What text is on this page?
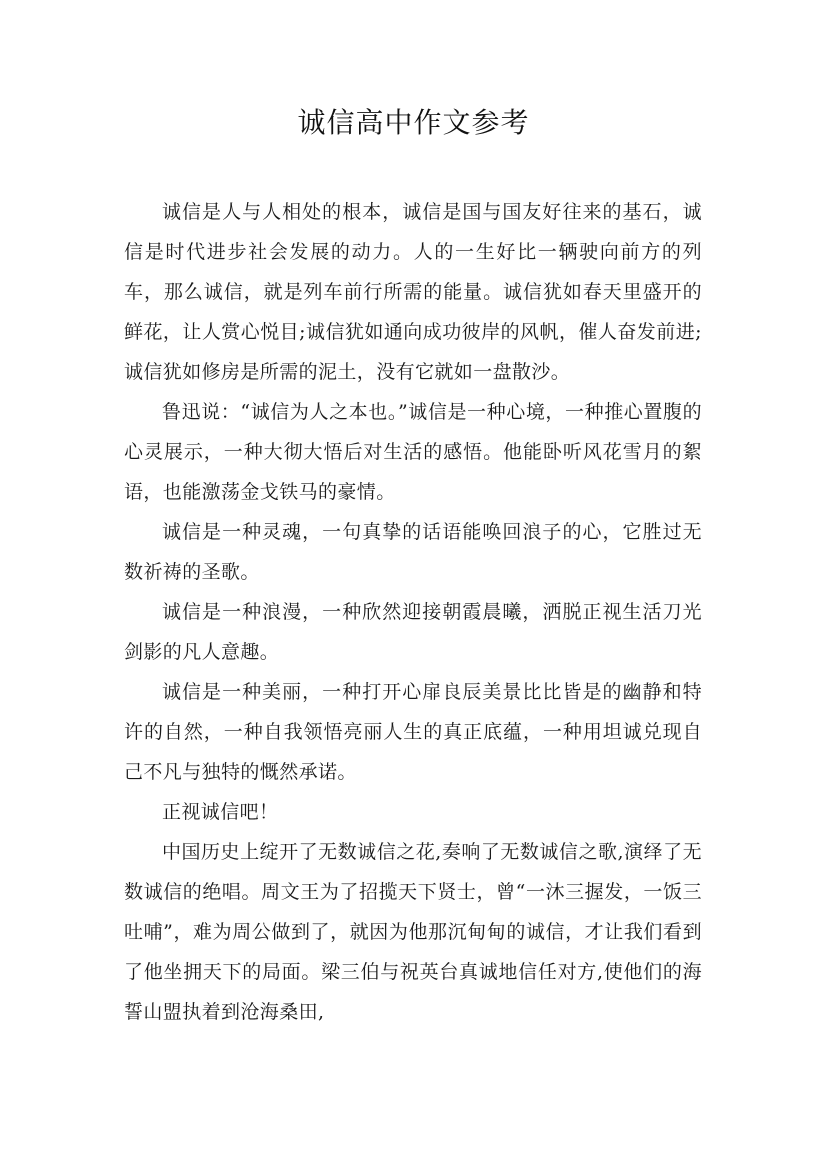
诚信高中作文参考

诚信是人与人相处的根本，诚信是国与国友好往来的基石，诚信是时代进步社会发展的动力。人的一生好比一辆驶向前方的列车，那么诚信，就是列车前行所需的能量。诚信犹如春天里盛开的鲜花，让人赏心悦目;诚信犹如通向成功彼岸的风帆，催人奋发前进;诚信犹如修房是所需的泥土，没有它就如一盘散沙。

鲁迅说：“诚信为人之本也。”诚信是一种心境，一种推心置腹的心灵展示，一种大彻大悟后对生活的感悟。他能卧听风花雪月的絮语，也能激荡金戈铁马的豪情。

诚信是一种灵魂，一句真挚的话语能唤回浪子的心，它胜过无数祈祷的圣歌。

诚信是一种浪漫，一种欣然迎接朝霞晨曦，洒脱正视生活刀光剑影的凡人意趣。

诚信是一种美丽，一种打开心扉良辰美景比比皆是的幽静和特许的自然，一种自我领悟亮丽人生的真正底蕴，一种用坦诚兑现自己不凡与独特的慨然承诺。

正视诚信吧！

中国历史上绽开了无数诚信之花,奏响了无数诚信之歌,演绎了无数诚信的绝唱。周文王为了招揽天下贤士，曾“一沐三握发，一饭三吐哺”，难为周公做到了，就因为他那沉甸甸的诚信，才让我们看到了他坐拥天下的局面。梁三伯与祝英台真诚地信任对方,使他们的海誓山盟执着到沧海桑田,
